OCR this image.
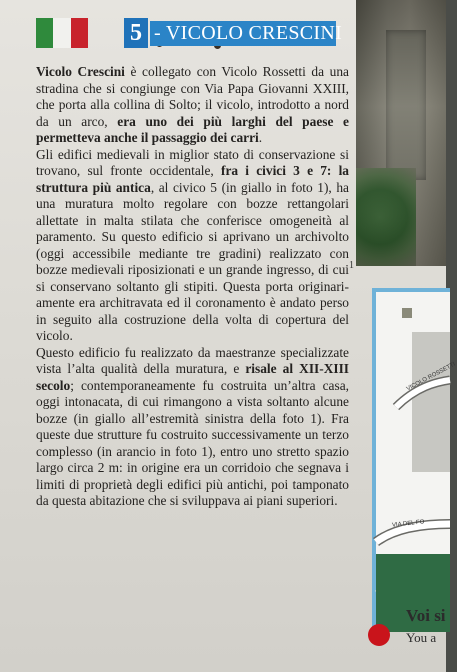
5 - VICOLO CRESCINI

Vicolo Crescini è collegato con Vicolo Rossetti da una stradina che si congiunge con Via Papa Giovanni XXIII, che porta alla collina di Solto; il vicolo, introdotto a nord da un arco, era uno dei più larghi del paese e permetteva anche il passaggio dei carri.

Gli edifici medievali in miglior stato di conservazione si trovano, sul fronte occidentale, fra i civici 3 e 7: la struttura più antica, al civico 5 (in giallo in foto 1), ha una muratura molto regolare con bozze rettangolari allettate in malta stilata che conferisce omogeneità al paramento. Su questo edificio si aprivano un archivolto (oggi accessibile mediante tre gradini) realizzato con bozze medievali riposizionati e un grande ingresso, di cui si conservano soltanto gli stipiti. Questa porta originariamente era architravata ed il coronamento è andato perso in seguito alla costruzione della volta di copertura del vicolo.

Questo edificio fu realizzato da maestranze specializzate vista l’alta qualità della muratura, e risale al XII-XIII secolo; contemporaneamente fu costruita un’altra casa, oggi intonacata, di cui rimangono a vista soltanto alcune bozze (in giallo all’estremità sinistra della foto 1). Fra queste due strutture fu costruito successivamente un terzo complesso (in arancio in foto 1), entro uno stretto spazio largo circa 2 m: in origine era un corridoio che segnava i limiti di proprietà degli edifici più antichi, poi tamponato da questa abitazione che si sviluppava ai piani superiori.

1
VICOLO ROSSETTI
VIA DEL FO
Voi si
You a
